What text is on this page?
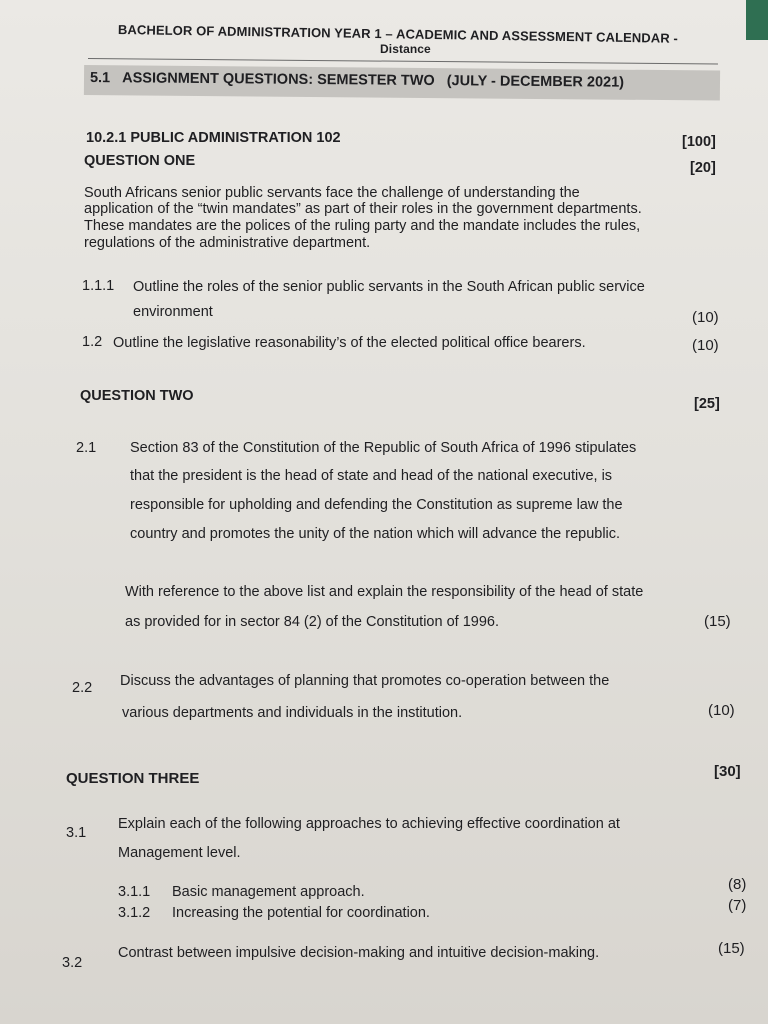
BACHELOR OF ADMINISTRATION YEAR 1 – ACADEMIC AND ASSESSMENT CALENDAR -
Distance
5.1 ASSIGNMENT QUESTIONS: SEMESTER TWO (JULY - DECEMBER 2021)
10.2.1 PUBLIC ADMINISTRATION 102	[100]
QUESTION ONE	[20]
South Africans senior public servants face the challenge of understanding the
application of the “twin mandates” as part of their roles in the government departments.
These mandates are the polices of the ruling party and the mandate includes the rules,
regulations of the administrative department.
1.1.1 Outline the roles of the senior public servants in the South African public service
environment	(10)
1.2 Outline the legislative reasonability’s of the elected political office bearers.	(10)
QUESTION TWO	[25]
2.1 Section 83 of the Constitution of the Republic of South Africa of 1996 stipulates
that the president is the head of state and head of the national executive, is
responsible for upholding and defending the Constitution as supreme law the
country and promotes the unity of the nation which will advance the republic.
With reference to the above list and explain the responsibility of the head of state
as provided for in sector 84 (2) of the Constitution of 1996.	(15)
2.2 Discuss the advantages of planning that promotes co-operation between the
various departments and individuals in the institution.	(10)
QUESTION THREE	[30]
3.1
Explain each of the following approaches to achieving effective coordination at
Management level.
3.1.1 Basic management approach.	(8)
3.1.2 Increasing the potential for coordination.	(7)
3.2
Contrast between impulsive decision-making and intuitive decision-making.	(15)
